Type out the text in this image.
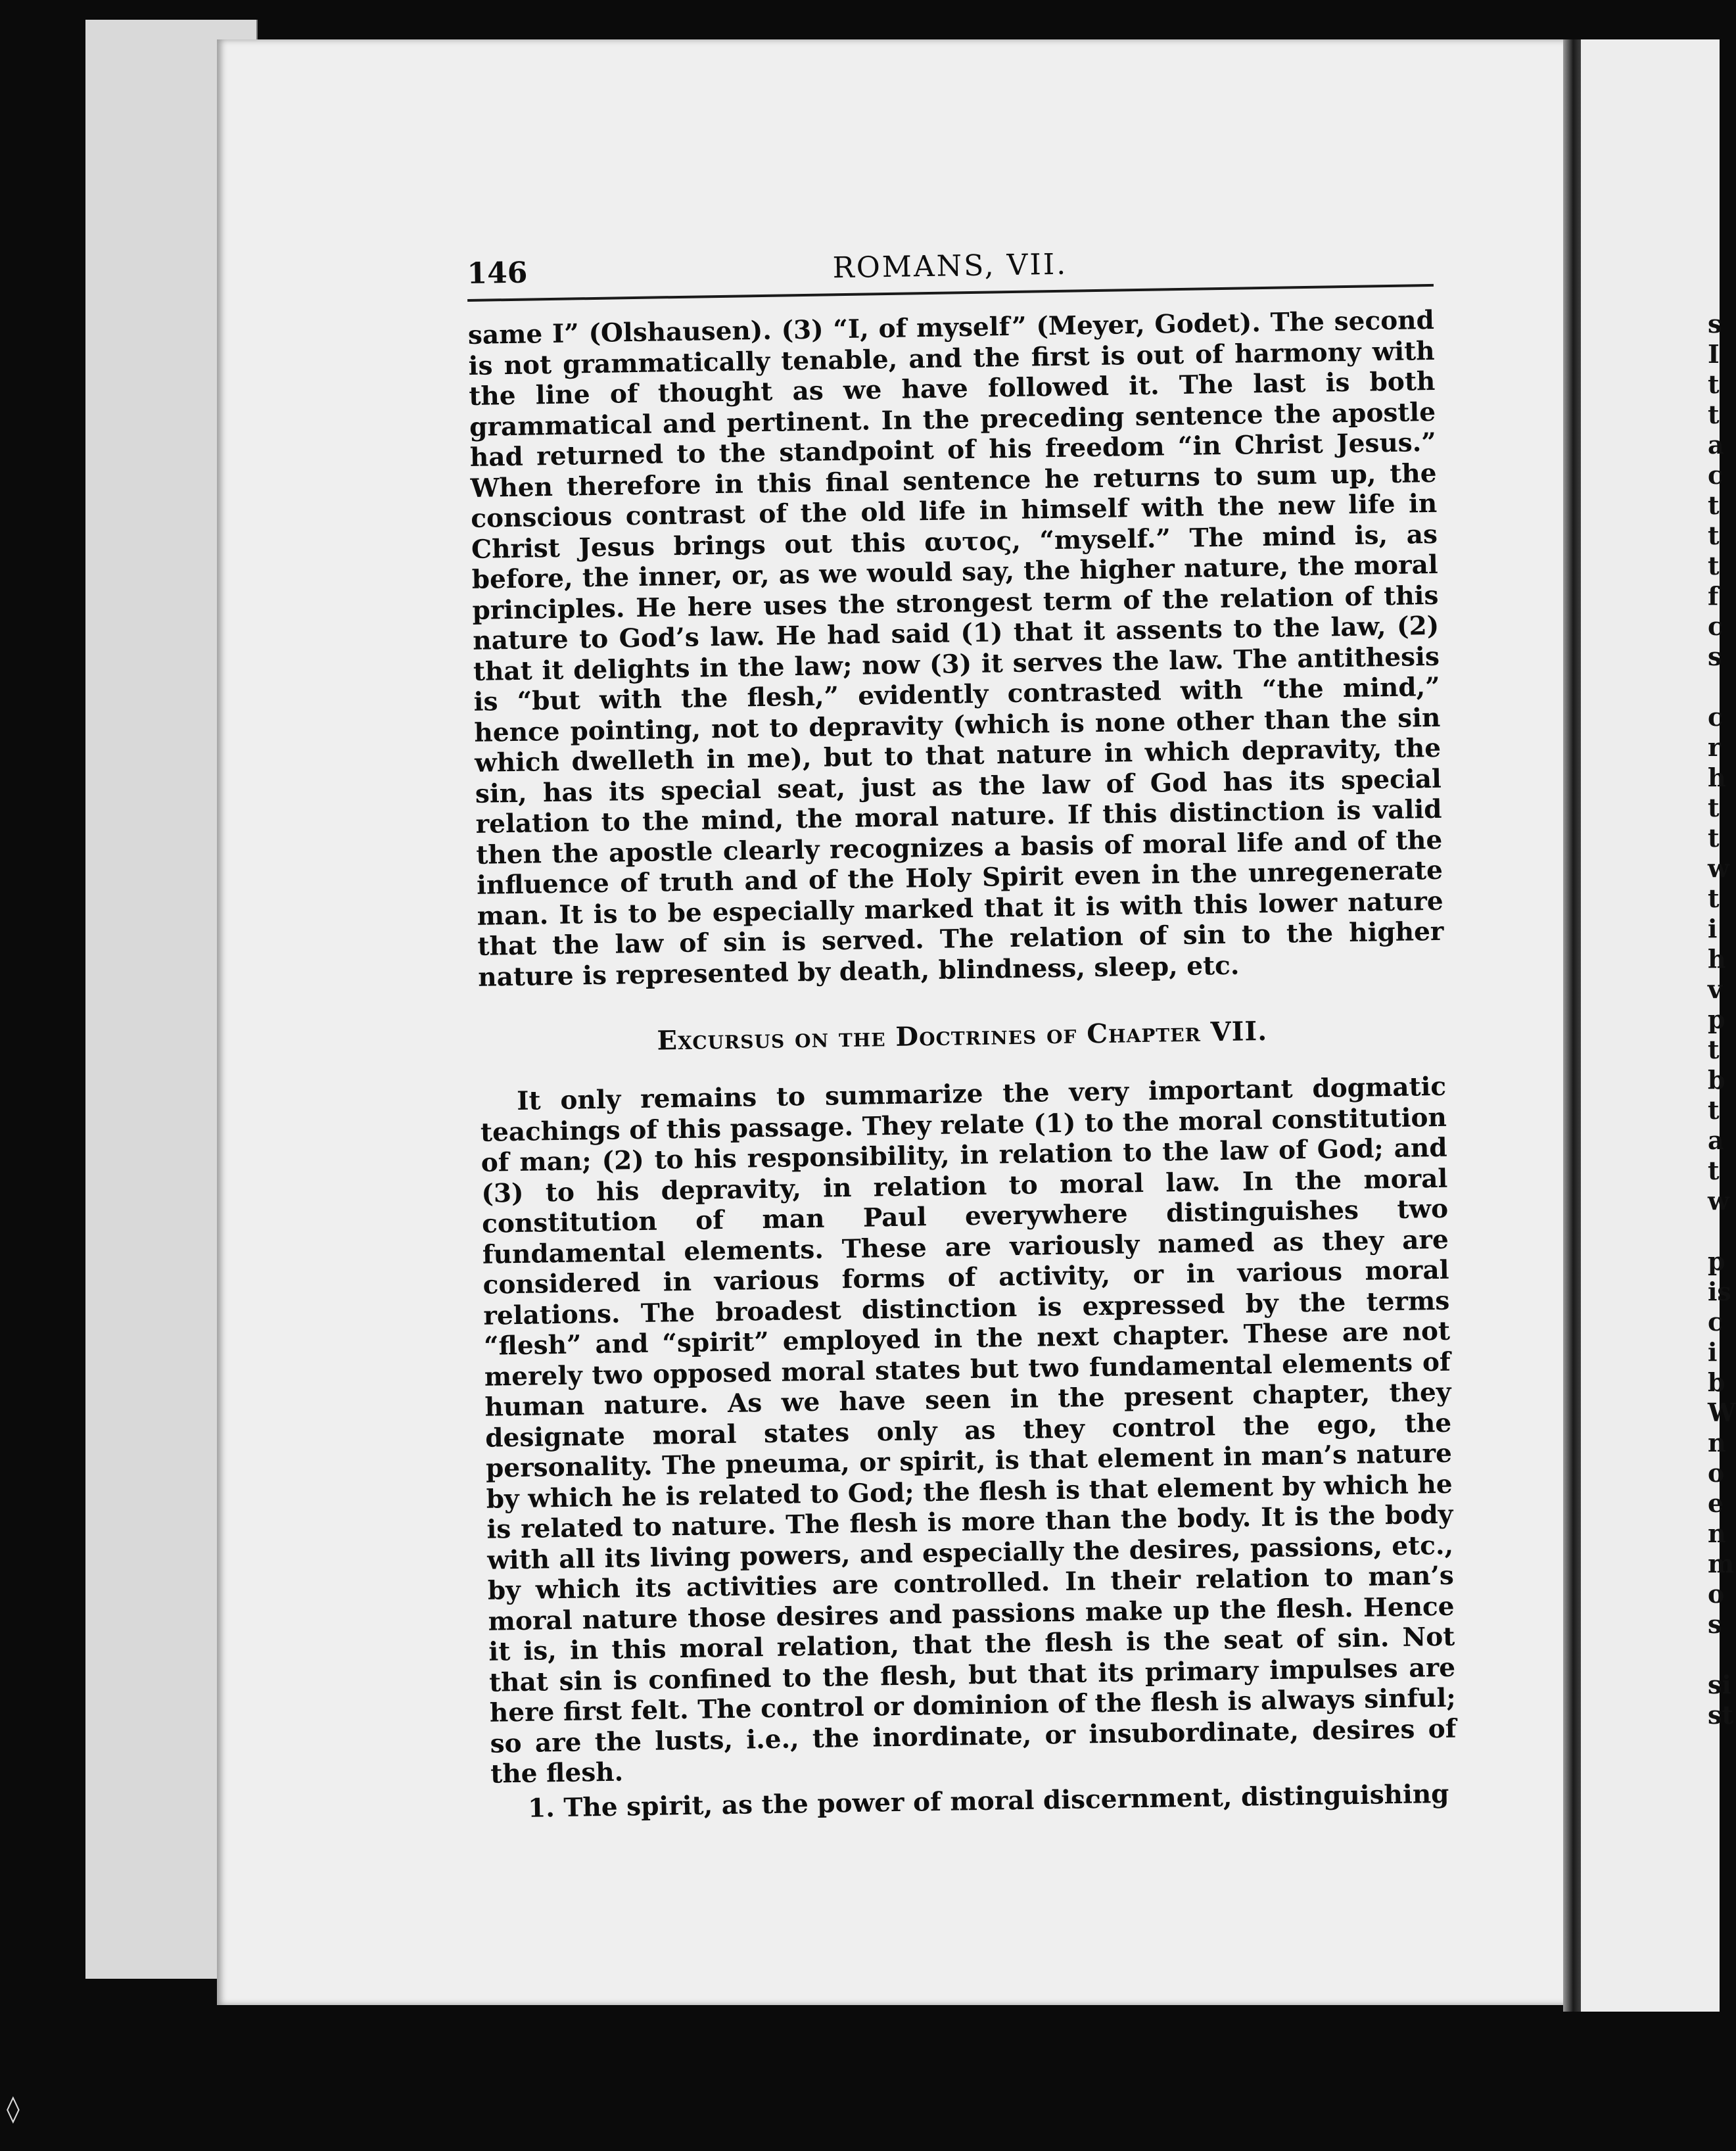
146	ROMANS, VII.

same I” (Olshausen). (3) “I, of myself” (Meyer, Godet). The second is not grammatically tenable, and the first is out of harmony with the line of thought as we have followed it. The last is both grammatical and pertinent. In the preceding sentence the apostle had returned to the standpoint of his freedom “in Christ Jesus.” When therefore in this final sentence he returns to sum up, the conscious contrast of the old life in himself with the new life in Christ Jesus brings out this αυτος, “myself.” The mind is, as before, the inner, or, as we would say, the higher nature, the moral principles. He here uses the strongest term of the relation of this nature to God’s law. He had said (1) that it assents to the law, (2) that it delights in the law; now (3) it serves the law. The antithesis is “but with the flesh,” evidently contrasted with “the mind,” hence pointing, not to depravity (which is none other than the sin which dwelleth in me), but to that nature in which depravity, the sin, has its special seat, just as the law of God has its special relation to the mind, the moral nature. If this distinction is valid then the apostle clearly recognizes a basis of moral life and of the influence of truth and of the Holy Spirit even in the unregenerate man. It is to be especially marked that it is with this lower nature that the law of sin is served. The relation of sin to the higher nature is represented by death, blindness, sleep, etc.

Excursus on the Doctrines of Chapter VII.

It only remains to summarize the very important dogmatic teachings of this passage. They relate (1) to the moral constitution of man; (2) to his responsibility, in relation to the law of God; and (3) to his depravity, in relation to moral law. In the moral constitution of man Paul everywhere distinguishes two fundamental elements. These are variously named as they are considered in various forms of activity, or in various moral relations. The broadest distinction is expressed by the terms “flesh” and “spirit” employed in the next chapter. These are not merely two opposed moral states but two fundamental elements of human nature. As we have seen in the present chapter, they designate moral states only as they control the ego, the personality. The pneuma, or spirit, is that element in man’s nature by which he is related to God; the flesh is that element by which he is related to nature. The flesh is more than the body. It is the body with all its living powers, and especially the desires, passions, etc., by which its activities are controlled. In their relation to man’s moral nature those desires and passions make up the flesh. Hence it is, in this moral relation, that the flesh is the seat of sin. Not that sin is confined to the flesh, but that its primary impulses are here first felt. The control or dominion of the flesh is always sinful; so are the lusts, i.e., the inordinate, or insubordinate, desires of the flesh.

1. The spirit, as the power of moral discernment, distinguishing

s
I
t
t
a
c
t
t
t
f
c
s

c
r
h
t
t
w
t
i
h
v
p
t
b
t
a
t
w

p
is
c
i
b
W
n
o
e
n
m
o
s

si
st
◊
